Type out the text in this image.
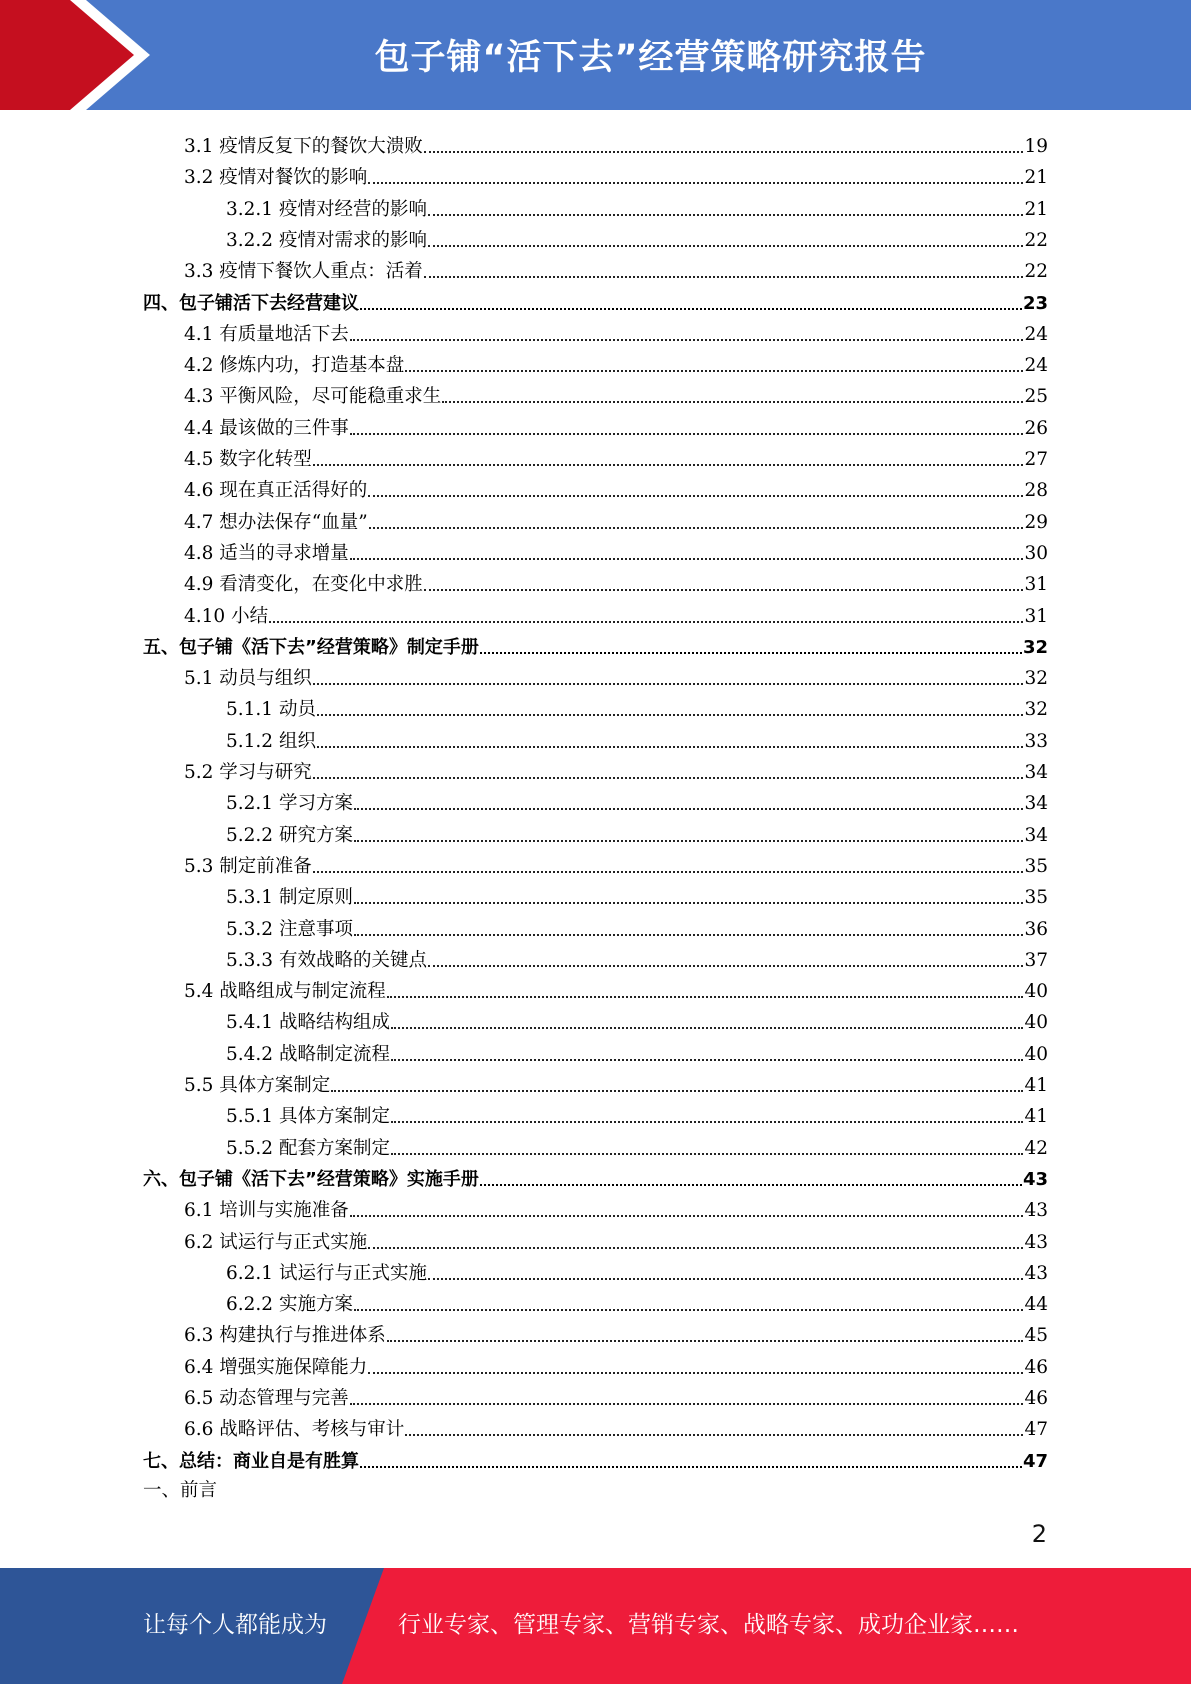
包子铺“活下去”经营策略研究报告
3.1 疫情反复下的餐饮大溃败	19
3.2 疫情对餐饮的影响	21
3.2.1 疫情对经营的影响	21
3.2.2 疫情对需求的影响	22
3.3 疫情下餐饮人重点：活着	22
四、包子铺活下去经营建议	23
4.1 有质量地活下去	24
4.2 修炼内功，打造基本盘	24
4.3 平衡风险，尽可能稳重求生	25
4.4 最该做的三件事	26
4.5 数字化转型	27
4.6 现在真正活得好的	28
4.7 想办法保存“血量”	29
4.8 适当的寻求增量	30
4.9 看清变化，在变化中求胜	31
4.10 小结	31
五、包子铺《活下去”经营策略》制定手册	32
5.1 动员与组织	32
5.1.1 动员	32
5.1.2 组织	33
5.2 学习与研究	34
5.2.1 学习方案	34
5.2.2 研究方案	34
5.3 制定前准备	35
5.3.1 制定原则	35
5.3.2 注意事项	36
5.3.3 有效战略的关键点	37
5.4 战略组成与制定流程	40
5.4.1 战略结构组成	40
5.4.2 战略制定流程	40
5.5 具体方案制定	41
5.5.1 具体方案制定	41
5.5.2 配套方案制定	42
六、包子铺《活下去”经营策略》实施手册	43
6.1 培训与实施准备	43
6.2 试运行与正式实施	43
6.2.1 试运行与正式实施	43
6.2.2 实施方案	44
6.3 构建执行与推进体系	45
6.4 增强实施保障能力	46
6.5 动态管理与完善	46
6.6 战略评估、考核与审计	47
七、总结：商业自是有胜算	47
一、前言
2
让每个人都能成为	行业专家、管理专家、营销专家、战略专家、成功企业家……
